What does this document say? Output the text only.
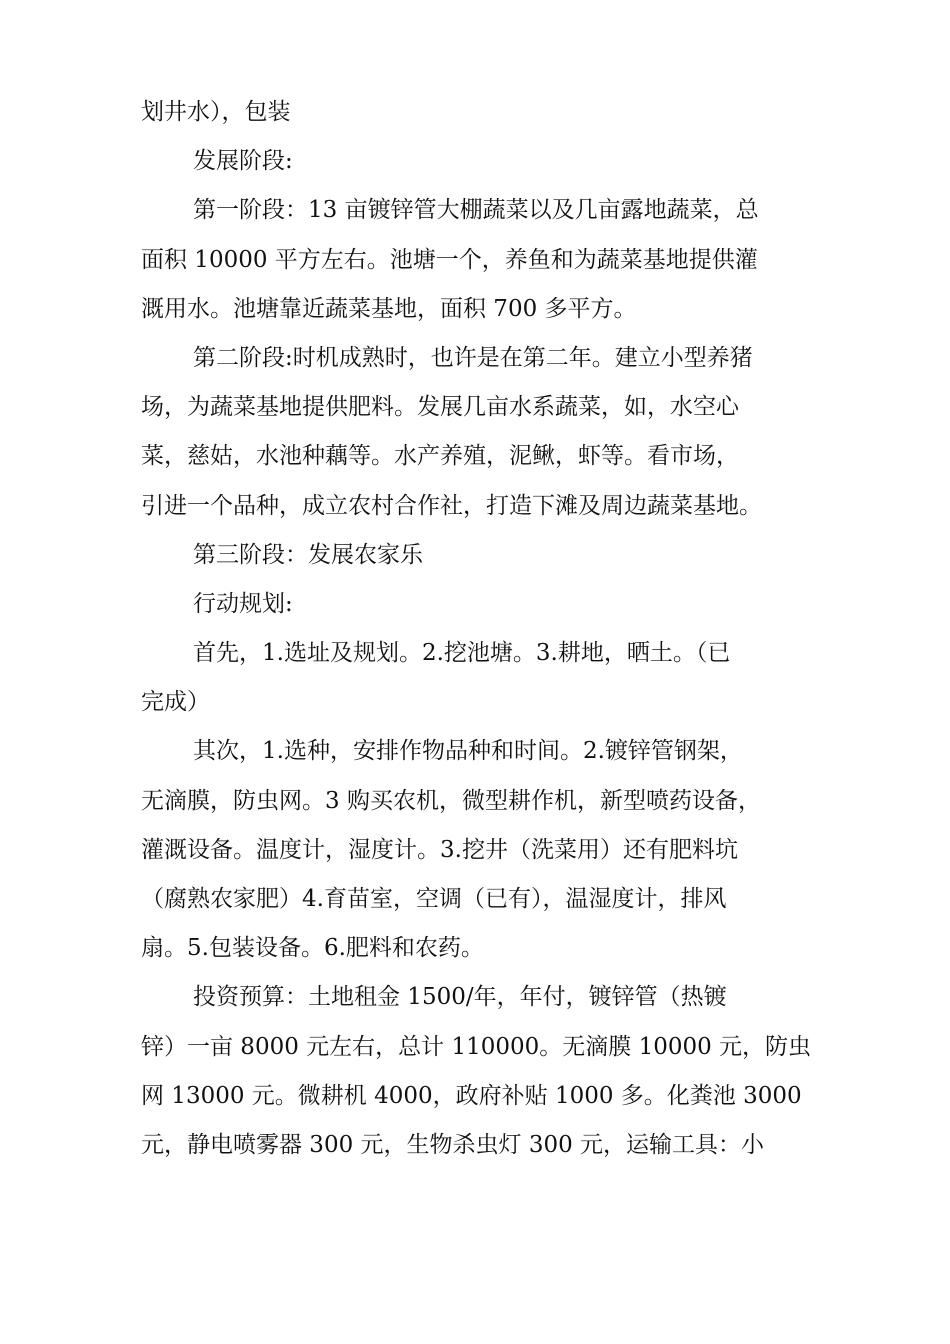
划井水），包装

发展阶段:

第一阶段：13 亩镀锌管大棚蔬菜以及几亩露地蔬菜，总
面积 10000 平方左右。池塘一个，养鱼和为蔬菜基地提供灌
溉用水。池塘靠近蔬菜基地，面积 700 多平方。

第二阶段:时机成熟时，也许是在第二年。建立小型养猪
场，为蔬菜基地提供肥料。发展几亩水系蔬菜，如，水空心
菜，慈姑，水池种藕等。水产养殖，泥鳅，虾等。看市场，
引进一个品种，成立农村合作社，打造下滩及周边蔬菜基地。

第三阶段：发展农家乐

行动规划:

首先，1.选址及规划。2.挖池塘。3.耕地，晒土。（已
完成）

其次，1.选种，安排作物品种和时间。2.镀锌管钢架，
无滴膜，防虫网。3 购买农机，微型耕作机，新型喷药设备，
灌溉设备。温度计，湿度计。3.挖井（洗菜用）还有肥料坑
（腐熟农家肥）4.育苗室，空调（已有），温湿度计，排风
扇。5.包装设备。6.肥料和农药。

投资预算：土地租金 1500/年，年付，镀锌管（热镀
锌）一亩 8000 元左右，总计 110000。无滴膜 10000 元，防虫
网 13000 元。微耕机 4000，政府补贴 1000 多。化粪池 3000
元，静电喷雾器 300 元，生物杀虫灯 300 元，运输工具：小
